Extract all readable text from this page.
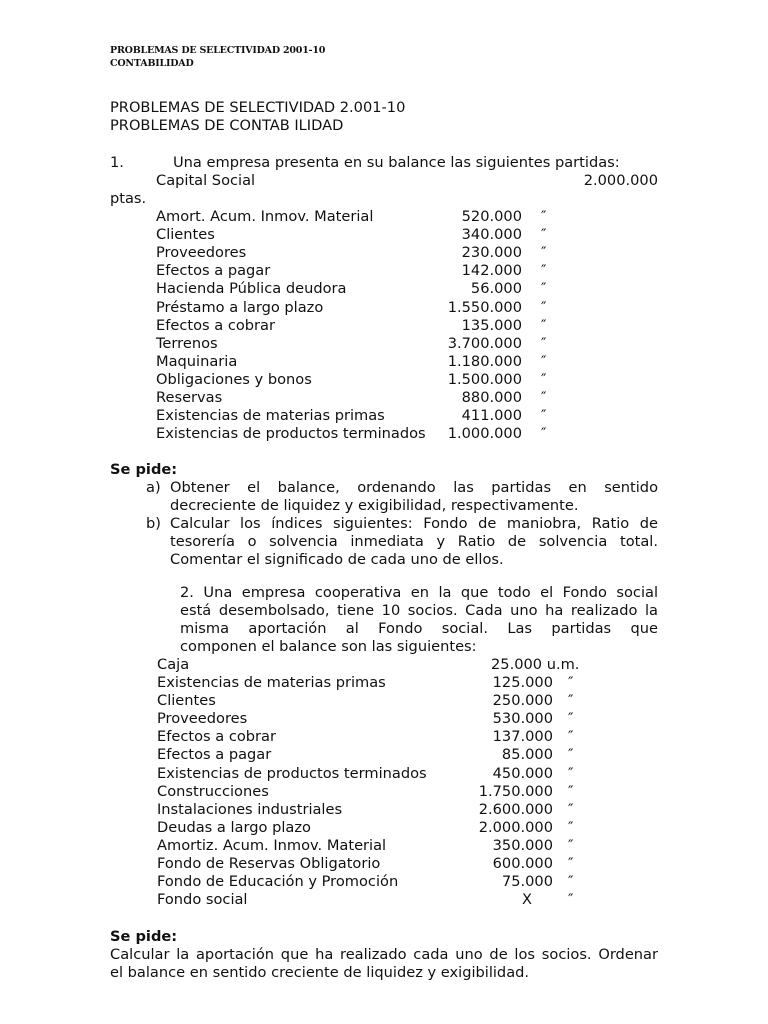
PROBLEMAS DE SELECTIVIDAD 2001-10
CONTABILIDAD
PROBLEMAS DE SELECTIVIDAD 2.001-10
PROBLEMAS DE CONTAB ILIDAD
1.	Una empresa presenta en su balance las siguientes partidas:
Capital Social	2.000.000
ptas.
Amort. Acum. Inmov. Material	520.000 ″
Clientes	340.000 ″
Proveedores	230.000 ″
Efectos a pagar	142.000 ″
Hacienda Pública deudora	56.000 ″
Préstamo a largo plazo	1.550.000 ″
Efectos a cobrar	135.000 ″
Terrenos	3.700.000 ″
Maquinaria	1.180.000 ″
Obligaciones y bonos	1.500.000 ″
Reservas	880.000 ″
Existencias de materias primas	411.000 ″
Existencias de productos terminados	1.000.000 ″
Se pide:
a) Obtener el balance, ordenando las partidas en sentido
decreciente de liquidez y exigibilidad, respectivamente.
b) Calcular los índices siguientes: Fondo de maniobra, Ratio de
tesorería o solvencia inmediata y Ratio de solvencia total.
Comentar el significado de cada uno de ellos.
2. Una empresa cooperativa en la que todo el Fondo social
está desembolsado, tiene 10 socios. Cada uno ha realizado la
misma aportación al Fondo social. Las partidas que
componen el balance son las siguientes:
Caja	25.000 u.m.
Existencias de materias primas	125.000 ″
Clientes	250.000 ″
Proveedores	530.000 ″
Efectos a cobrar	137.000 ″
Efectos a pagar	85.000 ″
Existencias de productos terminados	450.000 ″
Construcciones	1.750.000 ″
Instalaciones industriales	2.600.000 ″
Deudas a largo plazo	2.000.000 ″
Amortiz. Acum. Inmov. Material	350.000 ″
Fondo de Reservas Obligatorio	600.000 ″
Fondo de Educación y Promoción	75.000 ″
Fondo social	X	″
Se pide:
Calcular la aportación que ha realizado cada uno de los socios. Ordenar
el balance en sentido creciente de liquidez y exigibilidad.
